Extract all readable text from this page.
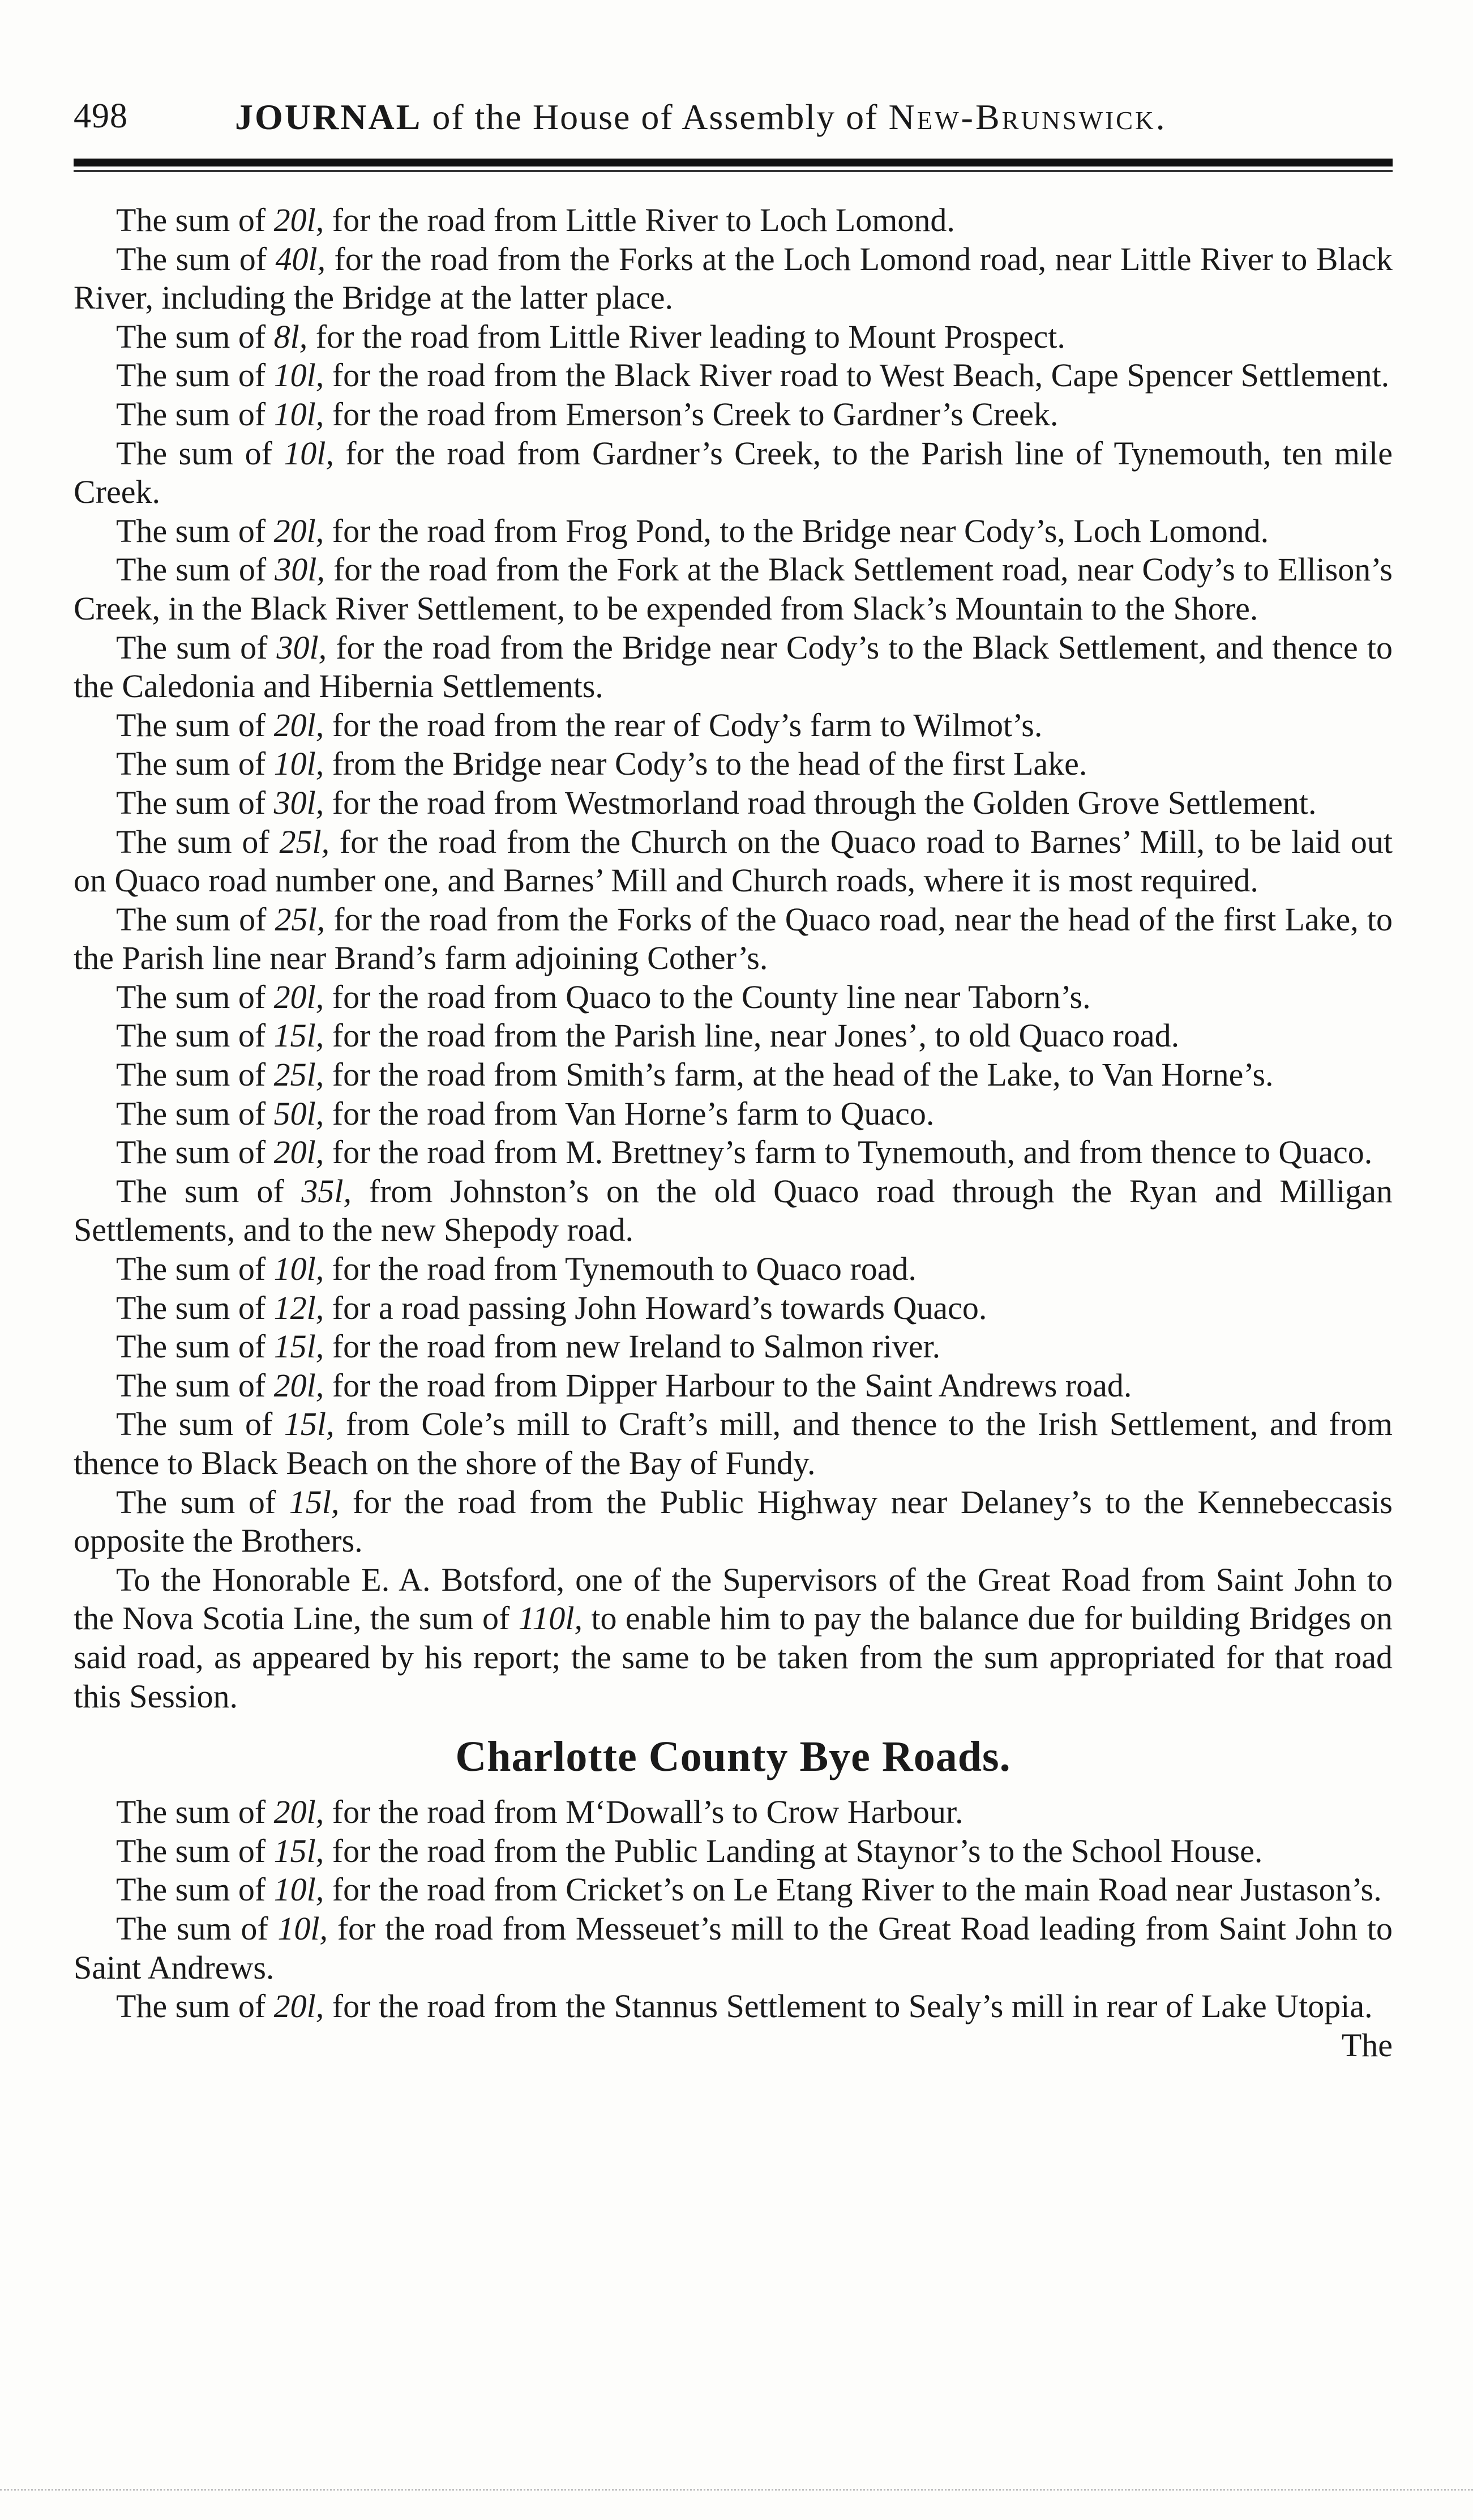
498	JOURNAL of the House of Assembly of New-Brunswick.

The sum of 20l, for the road from Little River to Loch Lomond.

The sum of 40l, for the road from the Forks at the Loch Lomond road, near Little River to Black River, including the Bridge at the latter place.

The sum of 8l, for the road from Little River leading to Mount Prospect.

The sum of 10l, for the road from the Black River road to West Beach, Cape Spencer Settlement.

The sum of 10l, for the road from Emerson’s Creek to Gardner’s Creek.

The sum of 10l, for the road from Gardner’s Creek, to the Parish line of Tynemouth, ten mile Creek.

The sum of 20l, for the road from Frog Pond, to the Bridge near Cody’s, Loch Lomond.

The sum of 30l, for the road from the Fork at the Black Settlement road, near Cody’s to Ellison’s Creek, in the Black River Settlement, to be expended from Slack’s Mountain to the Shore.

The sum of 30l, for the road from the Bridge near Cody’s to the Black Settlement, and thence to the Caledonia and Hibernia Settlements.

The sum of 20l, for the road from the rear of Cody’s farm to Wilmot’s.

The sum of 10l, from the Bridge near Cody’s to the head of the first Lake.

The sum of 30l, for the road from Westmorland road through the Golden Grove Settlement.

The sum of 25l, for the road from the Church on the Quaco road to Barnes’ Mill, to be laid out on Quaco road number one, and Barnes’ Mill and Church roads, where it is most required.

The sum of 25l, for the road from the Forks of the Quaco road, near the head of the first Lake, to the Parish line near Brand’s farm adjoining Cother’s.

The sum of 20l, for the road from Quaco to the County line near Taborn’s.

The sum of 15l, for the road from the Parish line, near Jones’, to old Quaco road.

The sum of 25l, for the road from Smith’s farm, at the head of the Lake, to Van Horne’s.

The sum of 50l, for the road from Van Horne’s farm to Quaco.

The sum of 20l, for the road from M. Brettney’s farm to Tynemouth, and from thence to Quaco.

The sum of 35l, from Johnston’s on the old Quaco road through the Ryan and Milligan Settlements, and to the new Shepody road.

The sum of 10l, for the road from Tynemouth to Quaco road.

The sum of 12l, for a road passing John Howard’s towards Quaco.

The sum of 15l, for the road from new Ireland to Salmon river.

The sum of 20l, for the road from Dipper Harbour to the Saint Andrews road.

The sum of 15l, from Cole’s mill to Craft’s mill, and thence to the Irish Settlement, and from thence to Black Beach on the shore of the Bay of Fundy.

The sum of 15l, for the road from the Public Highway near Delaney’s to the Kennebeccasis opposite the Brothers.

To the Honorable E. A. Botsford, one of the Supervisors of the Great Road from Saint John to the Nova Scotia Line, the sum of 110l, to enable him to pay the balance due for building Bridges on said road, as appeared by his report; the same to be taken from the sum appropriated for that road this Session.

Charlotte County Bye Roads.

The sum of 20l, for the road from M‘Dowall’s to Crow Harbour.

The sum of 15l, for the road from the Public Landing at Staynor’s to the School House.

The sum of 10l, for the road from Cricket’s on Le Etang River to the main Road near Justason’s.

The sum of 10l, for the road from Messeuet’s mill to the Great Road leading from Saint John to Saint Andrews.

The sum of 20l, for the road from the Stannus Settlement to Sealy’s mill in rear of Lake Utopia.

The
